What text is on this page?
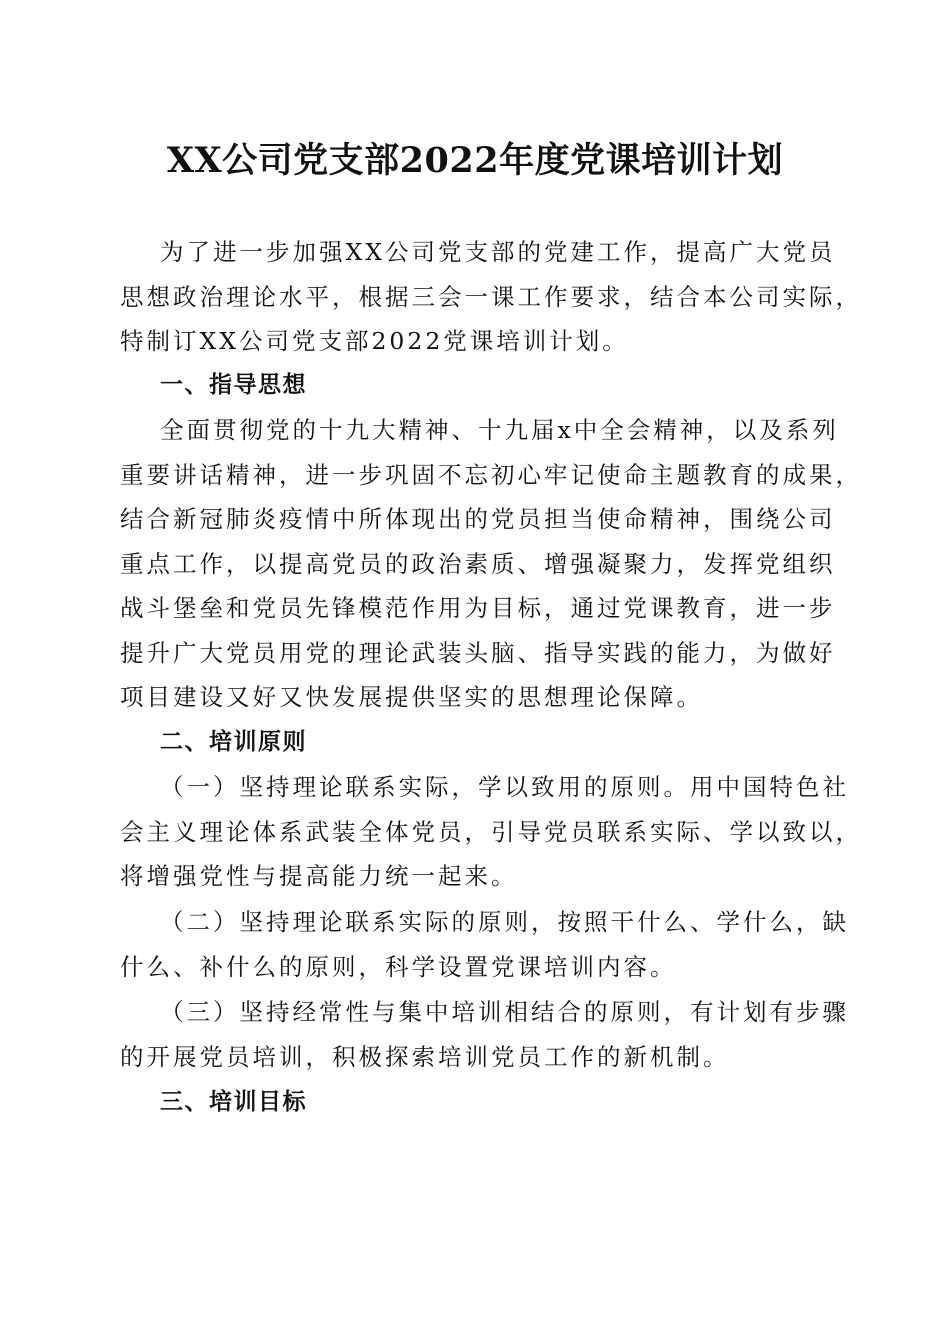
XX公司党支部2022年度党课培训计划
为了进一步加强XX公司党支部的党建工作，提高广大党员
思想政治理论水平，根据三会一课工作要求，结合本公司实际，
特制订XX公司党支部2022党课培训计划。
一、指导思想
全面贯彻党的十九大精神、十九届x中全会精神，以及系列
重要讲话精神，进一步巩固不忘初心牢记使命主题教育的成果，
结合新冠肺炎疫情中所体现出的党员担当使命精神，围绕公司
重点工作，以提高党员的政治素质、增强凝聚力，发挥党组织
战斗堡垒和党员先锋模范作用为目标，通过党课教育，进一步
提升广大党员用党的理论武装头脑、指导实践的能力，为做好
项目建设又好又快发展提供坚实的思想理论保障。
二、培训原则
（一）坚持理论联系实际，学以致用的原则。用中国特色社
会主义理论体系武装全体党员，引导党员联系实际、学以致以，
将增强党性与提高能力统一起来。
（二）坚持理论联系实际的原则，按照干什么、学什么，缺
什么、补什么的原则，科学设置党课培训内容。
（三）坚持经常性与集中培训相结合的原则，有计划有步骤
的开展党员培训，积极探索培训党员工作的新机制。
三、培训目标
